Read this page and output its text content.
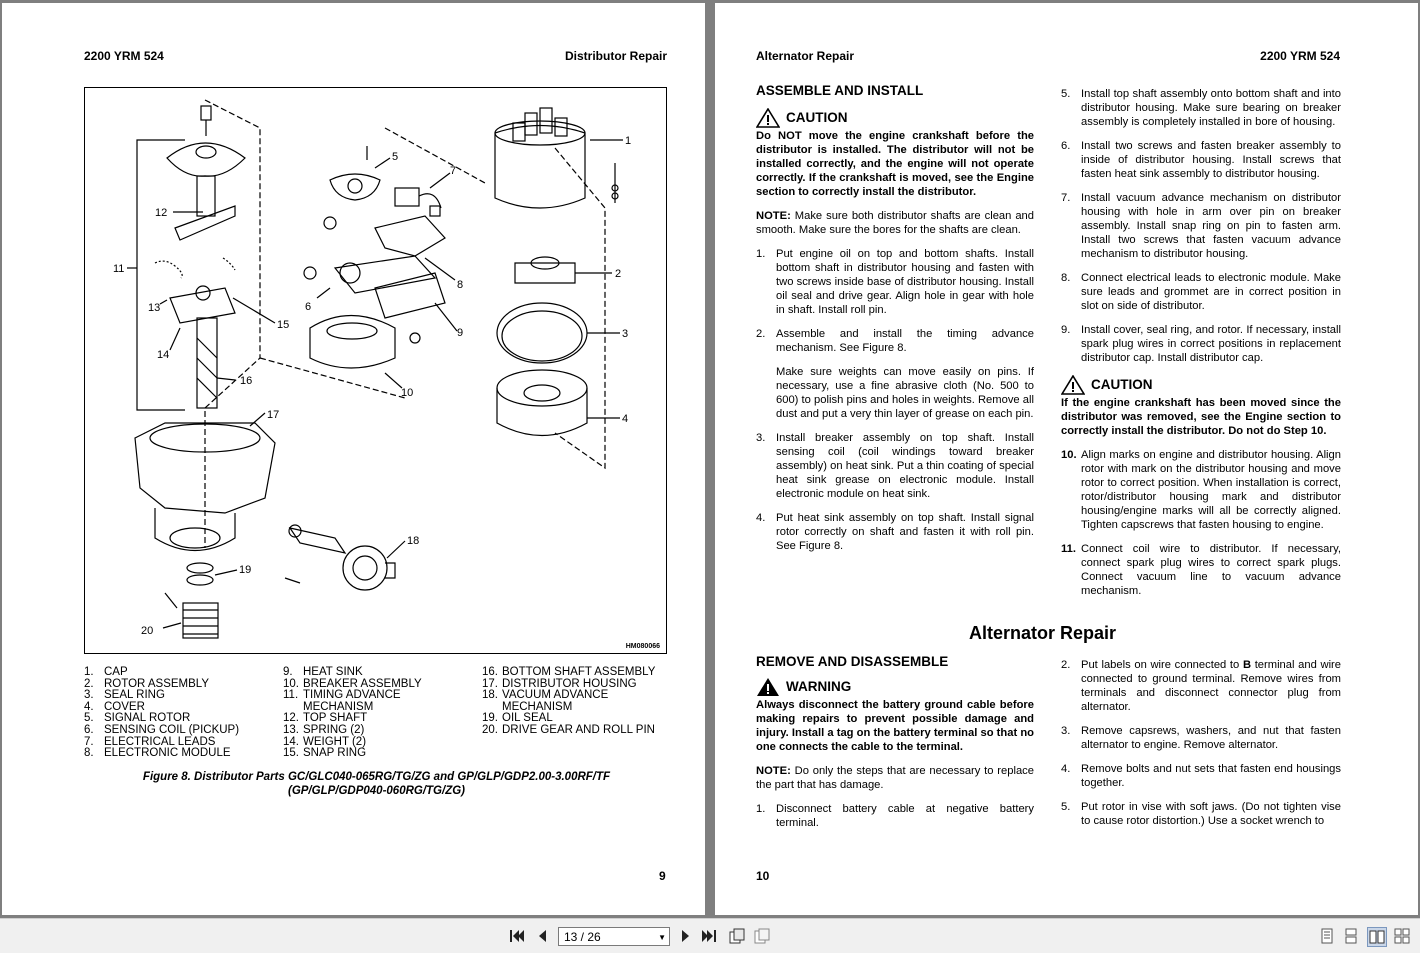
2200 YRM 524	Distributor Repair
1
2
3
4
5
6
7
8
9
10
11
12
13
14
15
16
17
18
19
20
HM080066
1. CAP
2. ROTOR ASSEMBLY
3. SEAL RING
4. COVER
5. SIGNAL ROTOR
6. SENSING COIL (PICKUP)
7. ELECTRICAL LEADS
8. ELECTRONIC MODULE
9. HEAT SINK
10. BREAKER ASSEMBLY
11. TIMING ADVANCE
MECHANISM
12. TOP SHAFT
13. SPRING (2)
14. WEIGHT (2)
15. SNAP RING
16. BOTTOM SHAFT ASSEMBLY
17. DISTRIBUTOR HOUSING
18. VACUUM ADVANCE
MECHANISM
19. OIL SEAL
20. DRIVE GEAR AND ROLL PIN
Figure 8. Distributor Parts GC/GLC040-065RG/TG/ZG and GP/GLP/GDP2.00-3.00RF/TF
(GP/GLP/GDP040-060RG/TG/ZG)
9
Alternator Repair	2200 YRM 524
ASSEMBLE AND INSTALL
CAUTION
Do NOT move the engine crankshaft before the distributor is installed. The distributor will not be installed correctly, and the engine will not operate correctly. If the crankshaft is moved, see the Engine section to correctly install the distributor.
NOTE: Make sure both distributor shafts are clean and smooth. Make sure the bores for the shafts are clean.
1. Put engine oil on top and bottom shafts. Install bottom shaft in distributor housing and fasten with two screws inside base of distributor housing. Install oil seal and drive gear. Align hole in gear with hole in shaft. Install roll pin.
2. Assemble and install the timing advance mechanism. See Figure 8.
Make sure weights can move easily on pins. If necessary, use a fine abrasive cloth (No. 500 to 600) to polish pins and holes in weights. Remove all dust and put a very thin layer of grease on each pin.
3. Install breaker assembly on top shaft. Install sensing coil (coil windings toward breaker assembly) on heat sink. Put a thin coating of special heat sink grease on electronic module. Install electronic module on heat sink.
4. Put heat sink assembly on top shaft. Install signal rotor correctly on shaft and fasten it with roll pin. See Figure 8.
5. Install top shaft assembly onto bottom shaft and into distributor housing. Make sure bearing on breaker assembly is completely installed in bore of housing.
6. Install two screws and fasten breaker assembly to inside of distributor housing. Install screws that fasten heat sink assembly to distributor housing.
7. Install vacuum advance mechanism on distributor housing with hole in arm over pin on breaker assembly. Install snap ring on pin to fasten arm. Install two screws that fasten vacuum advance mechanism to distributor housing.
8. Connect electrical leads to electronic module. Make sure leads and grommet are in correct position in slot on side of distributor.
9. Install cover, seal ring, and rotor. If necessary, install spark plug wires in correct positions in replacement distributor cap. Install distributor cap.
CAUTION
If the engine crankshaft has been moved since the distributor was removed, see the Engine section to correctly install the distributor. Do not do Step 10.
10. Align marks on engine and distributor housing. Align rotor with mark on the distributor housing and move rotor to correct position. When installation is correct, rotor/distributor housing mark and distributor housing/engine marks will all be correctly aligned. Tighten capscrews that fasten housing to engine.
11. Connect coil wire to distributor. If necessary, connect spark plug wires to correct spark plugs. Connect vacuum line to vacuum advance mechanism.
Alternator Repair
REMOVE AND DISASSEMBLE
WARNING
Always disconnect the battery ground cable before making repairs to prevent possible damage and injury. Install a tag on the battery terminal so that no one connects the cable to the terminal.
NOTE: Do only the steps that are necessary to replace the part that has damage.
1. Disconnect battery cable at negative battery terminal.
2. Put labels on wire connected to B terminal and wire connected to ground terminal. Remove wires from terminals and disconnect connector plug from alternator.
3. Remove capsrews, washers, and nut that fasten alternator to engine. Remove alternator.
4. Remove bolts and nut sets that fasten end housings together.
5. Put rotor in vise with soft jaws. (Do not tighten vise to cause rotor distortion.) Use a socket wrench to
10
13 / 26	▼
